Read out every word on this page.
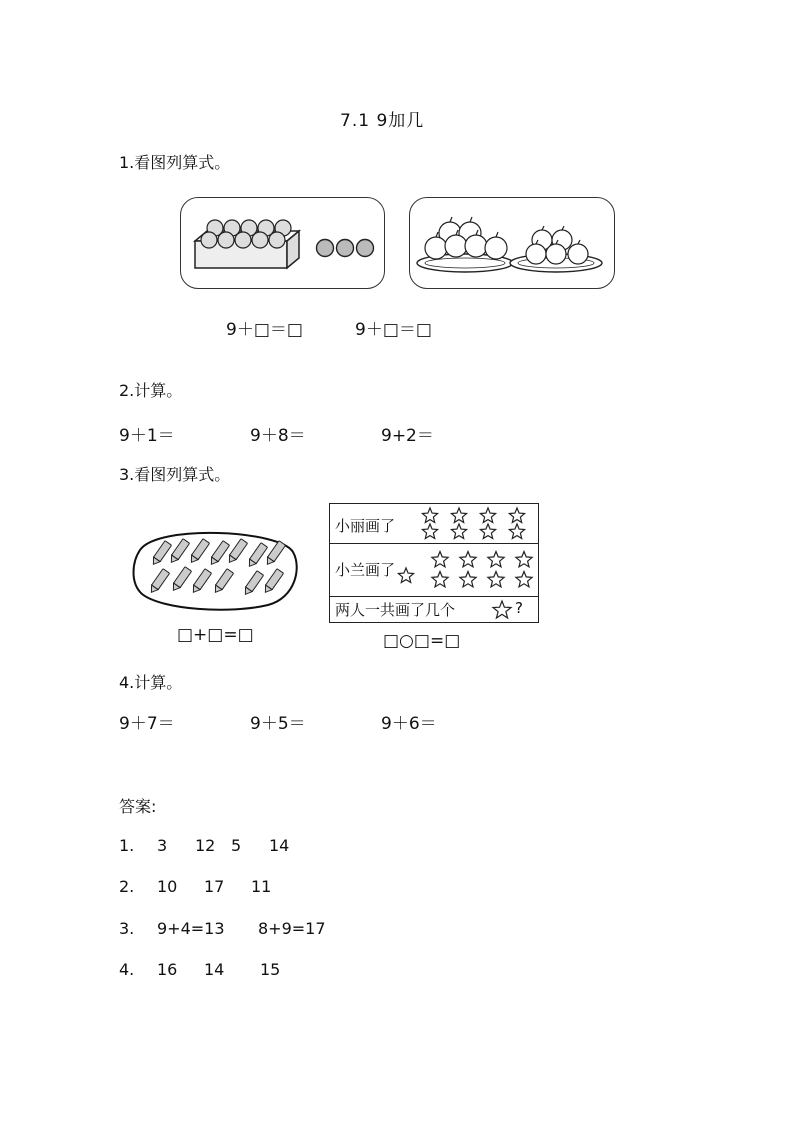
7.1 9加几
1.看图列算式。
9＋□＝□	9＋□＝□
2.计算。
9＋1＝	9＋8＝	9+2＝
3.看图列算式。
□+□=□
小丽画了
小兰画了
两人一共画了几个	?
□○□=□
4.计算。
9＋7＝	9＋5＝	9＋6＝
答案:
1. 3 12 5 14
2. 10 17 11
3. 9+4=13 8+9=17
4. 16 14 15
